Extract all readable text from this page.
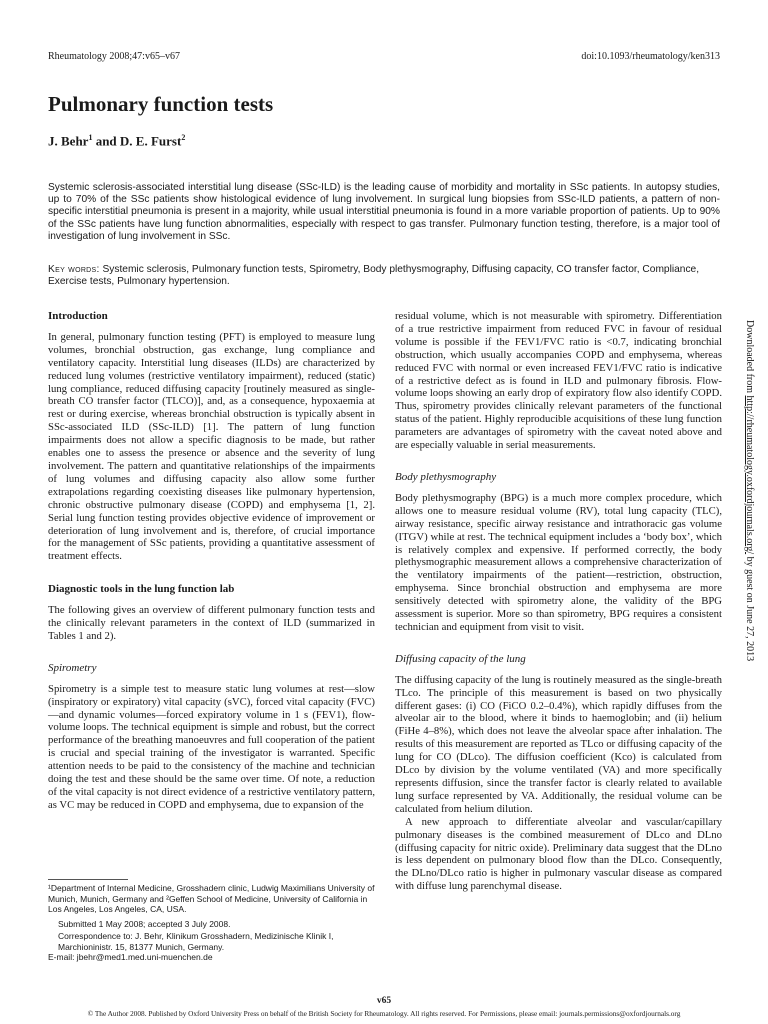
Rheumatology 2008;47:v65–v67	doi:10.1093/rheumatology/ken313
Pulmonary function tests
J. Behr$^1$ and D. E. Furst$^2$
Systemic sclerosis-associated interstitial lung disease (SSc-ILD) is the leading cause of morbidity and mortality in SSc patients. In autopsy studies, up to 70% of the SSc patients show histological evidence of lung involvement. In surgical lung biopsies from SSc-ILD patients, a pattern of non-specific interstitial pneumonia is present in a majority, while usual interstitial pneumonia is found in a more variable proportion of patients. Up to 90% of the SSc patients have lung function abnormalities, especially with respect to gas transfer. Pulmonary function testing, therefore, is a major tool of investigation of lung involvement in SSc.
Key words: Systemic sclerosis, Pulmonary function tests, Spirometry, Body plethysmography, Diffusing capacity, CO transfer factor, Compliance, Exercise tests, Pulmonary hypertension.
Introduction

In general, pulmonary function testing (PFT) is employed to measure lung volumes, bronchial obstruction, gas exchange, lung compliance and ventilatory capacity. Interstitial lung diseases (ILDs) are characterized by reduced lung volumes (restrictive ventilatory impairment), reduced (static) lung compliance, reduced diffusing capacity [routinely measured as single-breath CO transfer factor (TLCO)], and, as a consequence, hypoxaemia at rest or during exercise, whereas bronchial obstruction is typically absent in SSc-associated ILD (SSc-ILD) [1]. The pattern of lung function impairments does not allow a specific diagnosis to be made, but rather enables one to assess the presence or absence and the severity of lung involvement. The pattern and quantitative relationships of the impairments of lung volumes and diffusing capacity also allow some further extrapolations regarding coexisting diseases like pulmonary hypertension, chronic obstructive pulmonary disease (COPD) and emphysema [1, 2]. Serial lung function testing provides objective evidence of improvement or deterioration of lung involvement and is, therefore, of crucial importance for the management of SSc patients, providing a quantitative assessment of treatment effects.

Diagnostic tools in the lung function lab

The following gives an overview of different pulmonary function tests and the clinically relevant parameters in the context of ILD (summarized in Tables 1 and 2).

Spirometry

Spirometry is a simple test to measure static lung volumes at rest—slow (inspiratory or expiratory) vital capacity (sVC), forced vital capacity (FVC)—and dynamic volumes—forced expiratory volume in 1 s (FEV1), flow-volume loops. The technical equipment is simple and robust, but the correct performance of the breathing manoeuvres and full cooperation of the patient is crucial and special training of the investigator is warranted. Specific attention needs to be paid to the consistency of the machine and technician doing the test and these should be the same over time. Of note, a reduction of the vital capacity is not direct evidence of a restrictive ventilatory pattern, as VC may be reduced in COPD and emphysema, due to expansion of the

residual volume, which is not measurable with spirometry. Differentiation of a true restrictive impairment from reduced FVC in favour of residual volume is possible if the FEV1/FVC ratio is <0.7, indicating bronchial obstruction, which usually accompanies COPD and emphysema, whereas reduced FVC with normal or even increased FEV1/FVC ratio is indicative of a restrictive defect as is found in ILD and pulmonary fibrosis. Flow-volume loops showing an early drop of expiratory flow also identify COPD. Thus, spirometry provides clinically relevant parameters of the functional status of the patient. Highly reproducible acquisitions of these lung function parameters are advantages of spirometry with the caveat noted above and are especially valuable in serial measurements.

Body plethysmography

Body plethysmography (BPG) is a much more complex procedure, which allows one to measure residual volume (RV), total lung capacity (TLC), airway resistance, specific airway resistance and intrathoracic gas volume (ITGV) while at rest. The technical equipment includes a ‘body box’, which is relatively complex and expensive. If performed correctly, the body plethysmographic measurement allows a comprehensive characterization of the ventilatory impairments of the patient—restriction, obstruction, emphysema. Since bronchial obstruction and emphysema are more sensitively detected with spirometry alone, the validity of the BPG assessment is superior. More so than spirometry, BPG requires a consistent technician and equipment from visit to visit.

Diffusing capacity of the lung

The diffusing capacity of the lung is routinely measured as the single-breath TLco. The principle of this measurement is based on two physically different gases: (i) CO (FiCO 0.2–0.4%), which rapidly diffuses from the alveolar air to the blood, where it binds to haemoglobin; and (ii) helium (FiHe 4–8%), which does not leave the alveolar space after inhalation. The results of this measurement are reported as TLco or diffusing capacity of the lung for CO (DLco). The diffusion coefficient (Kco) is calculated from DLco by division by the volume ventilated (VA) and more specifically represents diffusion, since the transfer factor is clearly related to available lung surface represented by VA. Additionally, the residual volume can be calculated from helium dilution.

A new approach to differentiate alveolar and vascular/capillary pulmonary diseases is the combined measurement of DLco and DLno (diffusing capacity for nitric oxide). Preliminary data suggest that the DLno is less dependent on pulmonary blood flow than the DLco. Consequently, the DLno/DLco ratio is higher in pulmonary vascular disease as compared with diffuse lung parenchymal disease.

¹Department of Internal Medicine, Grosshadern clinic, Ludwig Maximilians University of Munich, Munich, Germany and ²Geffen School of Medicine, University of California in Los Angeles, Los Angeles, CA, USA.

Submitted 1 May 2008; accepted 3 July 2008.

Correspondence to: J. Behr, Klinikum Grosshadern, Medizinische Klinik I, Marchioninistr. 15, 81377 Munich, Germany.

E-mail: jbehr@med1.med.uni-muenchen.de

v65
© The Author 2008. Published by Oxford University Press on behalf of the British Society for Rheumatology. All rights reserved. For Permissions, please email: journals.permissions@oxfordjournals.org
Downloaded from http://rheumatology.oxfordjournals.org/ by guest on June 27, 2013
